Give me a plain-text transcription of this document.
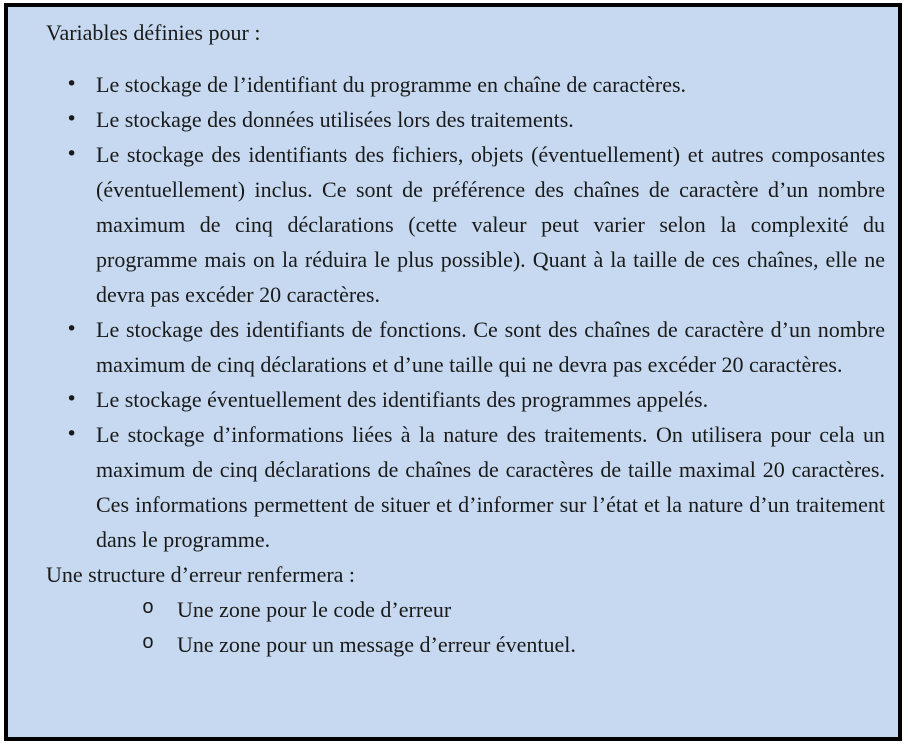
Variables définies pour :

• Le stockage de l’identifiant du programme en chaîne de caractères.
• Le stockage des données utilisées lors des traitements.
• Le stockage des identifiants des fichiers, objets (éventuellement) et autres composantes (éventuellement) inclus. Ce sont de préférence des chaînes de caractère d’un nombre maximum de cinq déclarations (cette valeur peut varier selon la complexité du programme mais on la réduira le plus possible). Quant à la taille de ces chaînes, elle ne devra pas excéder 20 caractères.
• Le stockage des identifiants de fonctions. Ce sont des chaînes de caractère d’un nombre maximum de cinq déclarations et d’une taille qui ne devra pas excéder 20 caractères.
• Le stockage éventuellement des identifiants des programmes appelés.
• Le stockage d’informations liées à la nature des traitements. On utilisera pour cela un maximum de cinq déclarations de chaînes de caractères de taille maximal 20 caractères. Ces informations permettent de situer et d’informer sur l’état et la nature d’un traitement dans le programme.

Une structure d’erreur renfermera :

o Une zone pour le code d’erreur
o Une zone pour un message d’erreur éventuel.
